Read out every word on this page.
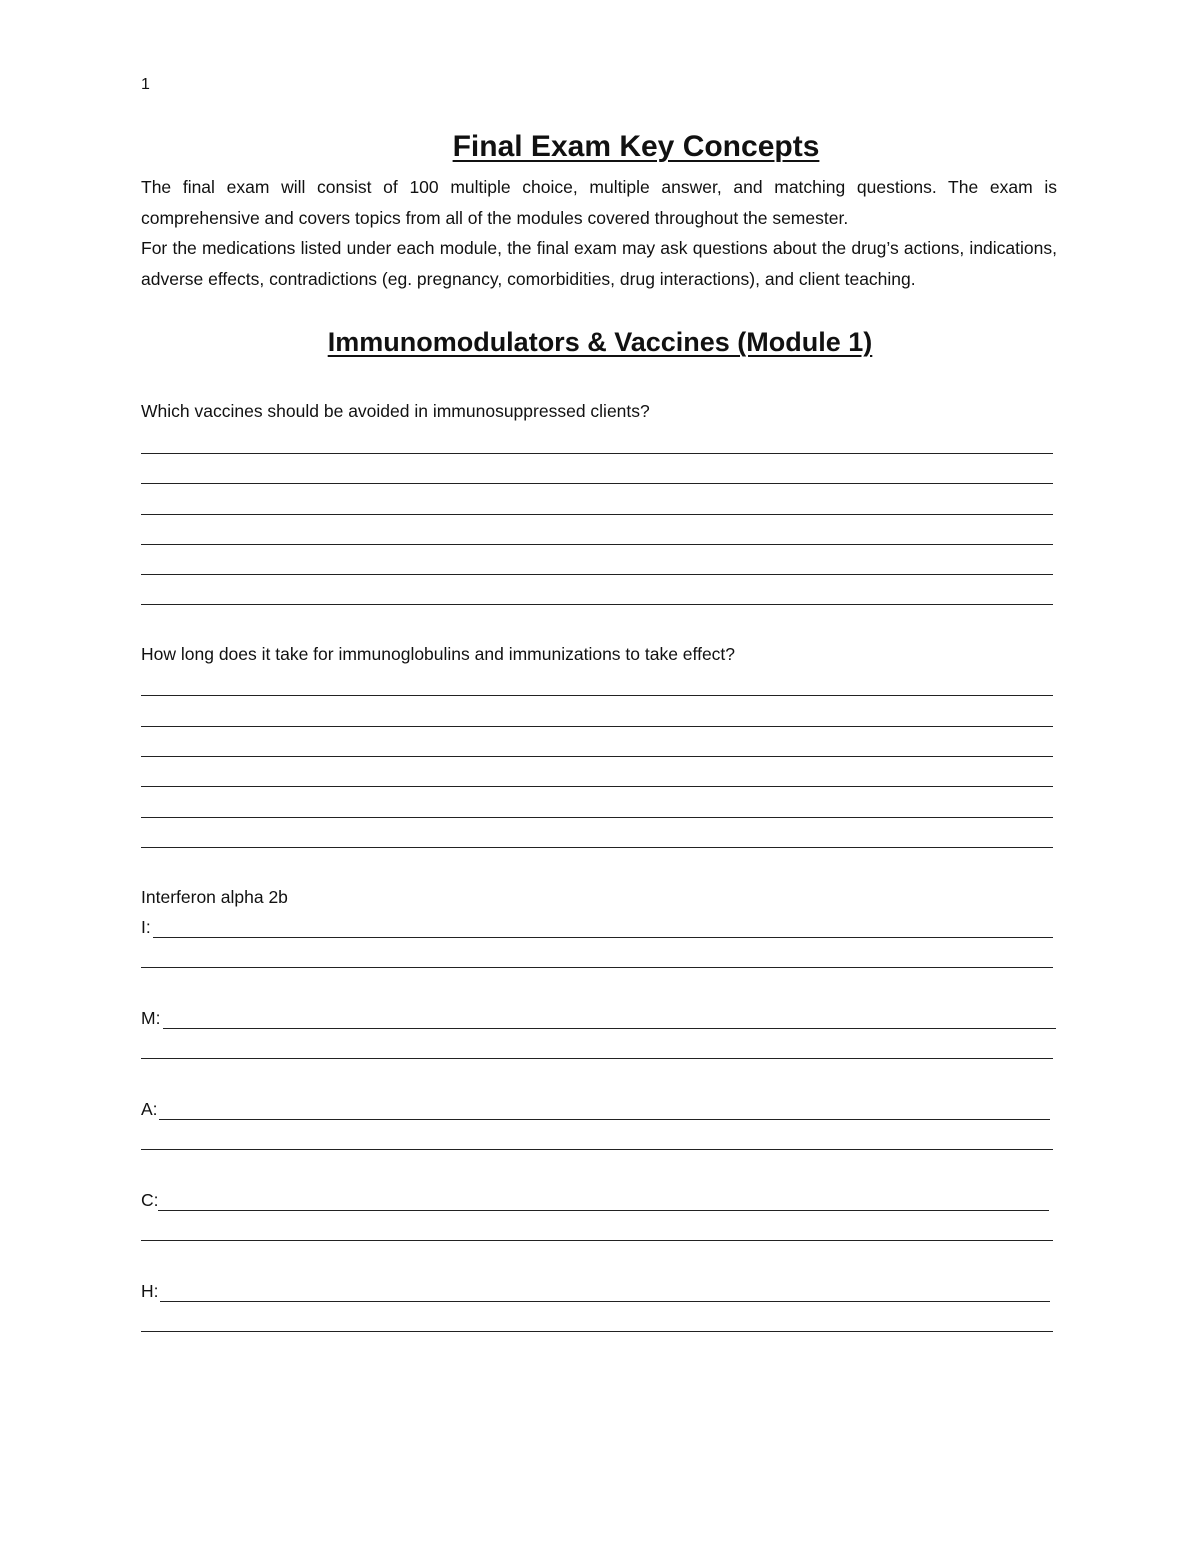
1
Final Exam Key Concepts

The final exam will consist of 100 multiple choice, multiple answer, and matching questions. The exam is comprehensive and covers topics from all of the modules covered throughout the semester.

For the medications listed under each module, the final exam may ask questions about the drug’s actions, indications, adverse effects, contradictions (eg. pregnancy, comorbidities, drug interactions), and client teaching.

Immunomodulators & Vaccines (Module 1)
Which vaccines should be avoided in immunosuppressed clients?
How long does it take for immunoglobulins and immunizations to take effect?
Interferon alpha 2b
I:
M:
A:
C:
H:
